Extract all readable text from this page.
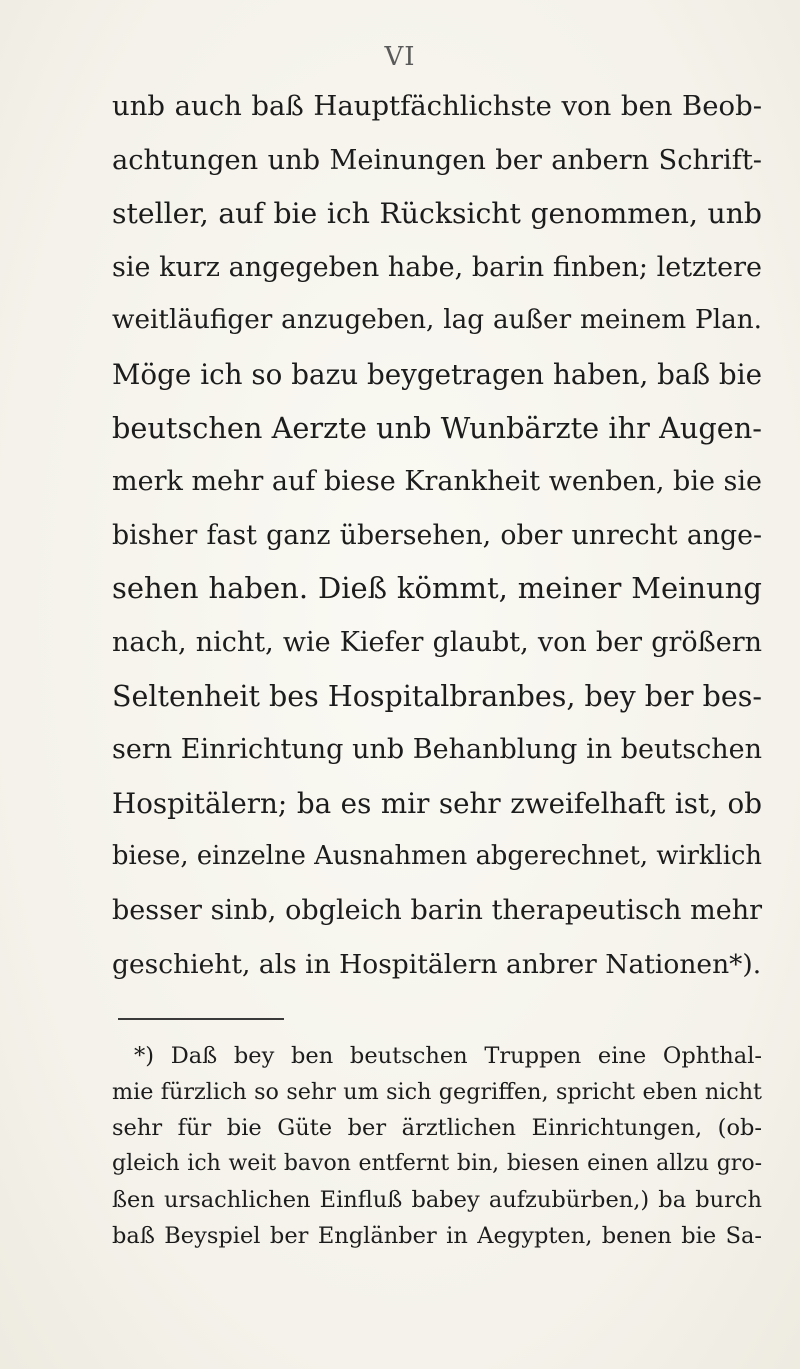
VI
unb auch baß Hauptfächlichste von ben Beob-
achtungen unb Meinungen ber anbern Schrift-
steller, auf bie ich Rücksicht genommen, unb
sie kurz angegeben habe, barin finben; letztere
weitläufiger anzugeben, lag außer meinem Plan.
Möge ich so bazu beygetragen haben, baß bie
beutschen Aerzte unb Wunbärzte ihr Augen-
merk mehr auf biese Krankheit wenben, bie sie
bisher fast ganz übersehen, ober unrecht ange-
sehen haben. Dieß kömmt, meiner Meinung
nach, nicht, wie Kiefer glaubt, von ber größern
Seltenheit bes Hospitalbranbes, bey ber bes-
sern Einrichtung unb Behanblung in beutschen
Hospitälern; ba es mir sehr zweifelhaft ist, ob
biese, einzelne Ausnahmen abgerechnet, wirklich
besser sinb, obgleich barin therapeutisch mehr
geschieht, als in Hospitälern anbrer Nationen*).
*) Daß bey ben beutschen Truppen eine Ophthal-
mie fürzlich so sehr um sich gegriffen, spricht eben nicht
sehr für bie Güte ber ärztlichen Einrichtungen, (ob-
gleich ich weit bavon entfernt bin, biesen einen allzu gro-
ßen ursachlichen Einfluß babey aufzubürben,) ba burch
baß Beyspiel ber Englänber in Aegypten, benen bie Sa-
